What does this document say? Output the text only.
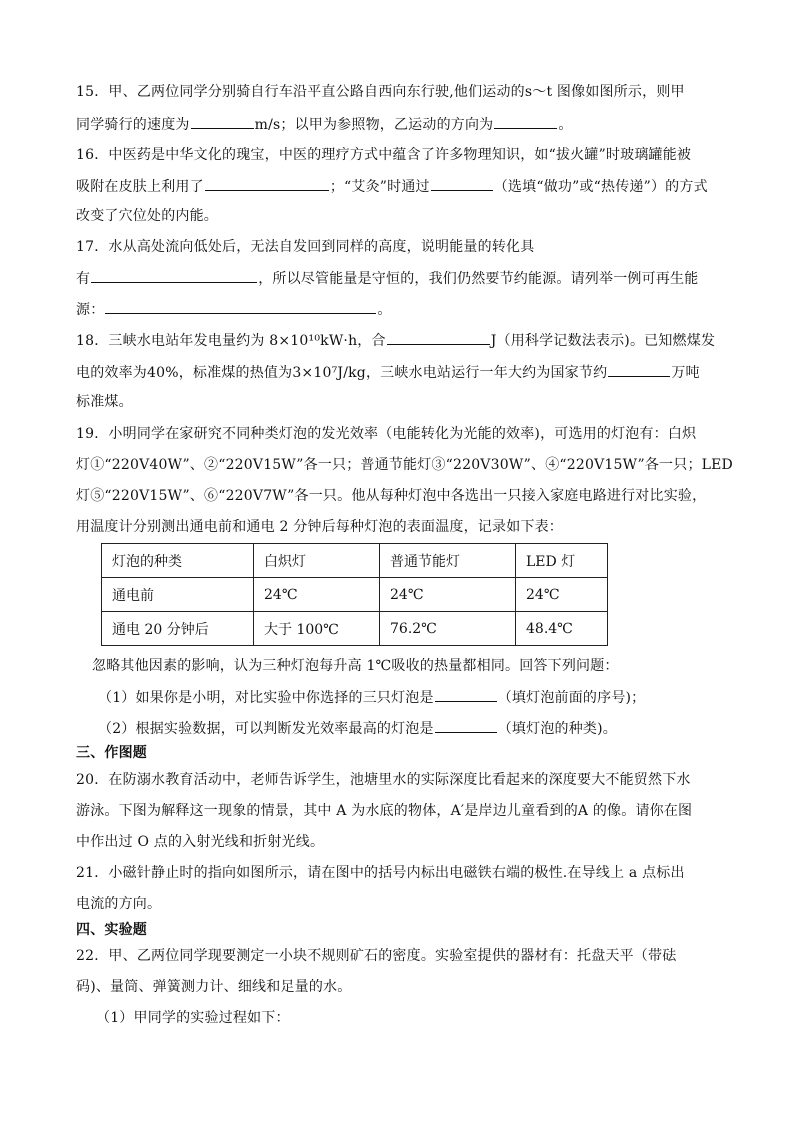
15．甲、乙两位同学分别骑自行车沿平直公路自西向东行驶,他们运动的s～t 图像如图所示，则甲
同学骑行的速度为	m/s；以甲为参照物，乙运动的方向为	。
16．中医药是中华文化的瑰宝，中医的理疗方式中蕴含了许多物理知识，如“拔火罐”时玻璃罐能被
吸附在皮肤上利用了	；“艾灸”时通过	（选填“做功”或“热传递”）的方式
改变了穴位处的内能。
17．水从高处流向低处后，无法自发回到同样的高度，说明能量的转化具
有	，所以尽管能量是守恒的，我们仍然要节约能源。请列举一例可再生能
源：	。
18．三峡水电站年发电量约为 8×10¹⁰kW·h，合	J（用科学记数法表示)。已知燃煤发
电的效率为40%，标准煤的热值为3×10⁷J/kg，三峡水电站运行一年大约为国家节约	万吨
标准煤。
19．小明同学在家研究不同种类灯泡的发光效率（电能转化为光能的效率)，可选用的灯泡有：白炽
灯①“220V40W”、②“220V15W”各一只；普通节能灯③“220V30W”、④“220V15W”各一只；LED
灯⑤“220V15W”、⑥“220V7W”各一只。他从每种灯泡中各选出一只接入家庭电路进行对比实验，
用温度计分别测出通电前和通电 2 分钟后每种灯泡的表面温度，记录如下表：
灯泡的种类	白炽灯	普通节能灯	LED 灯
通电前	24℃	24℃	24℃
通电 20 分钟后	大于 100℃	76.2℃	48.4℃
忽略其他因素的影响，认为三种灯泡每升高 1℃吸收的热量都相同。回答下列问题：
（1）如果你是小明，对比实验中你选择的三只灯泡是	（填灯泡前面的序号)；
（2）根据实验数据，可以判断发光效率最高的灯泡是	（填灯泡的种类)。
三、作图题
20．在防溺水教育活动中，老师告诉学生，池塘里水的实际深度比看起来的深度要大不能贸然下水
游泳。下图为解释这一现象的情景，其中 A 为水底的物体，A′是岸边儿童看到的A 的像。请你在图
中作出过 O 点的入射光线和折射光线。
21．小磁针静止时的指向如图所示，请在图中的括号内标出电磁铁右端的极性.在导线上 a 点标出
电流的方向。
四、实验题
22．甲、乙两位同学现要测定一小块不规则矿石的密度。实验室提供的器材有：托盘天平（带砝
码)、量筒、弹簧测力计、细线和足量的水。
（1）甲同学的实验过程如下：
